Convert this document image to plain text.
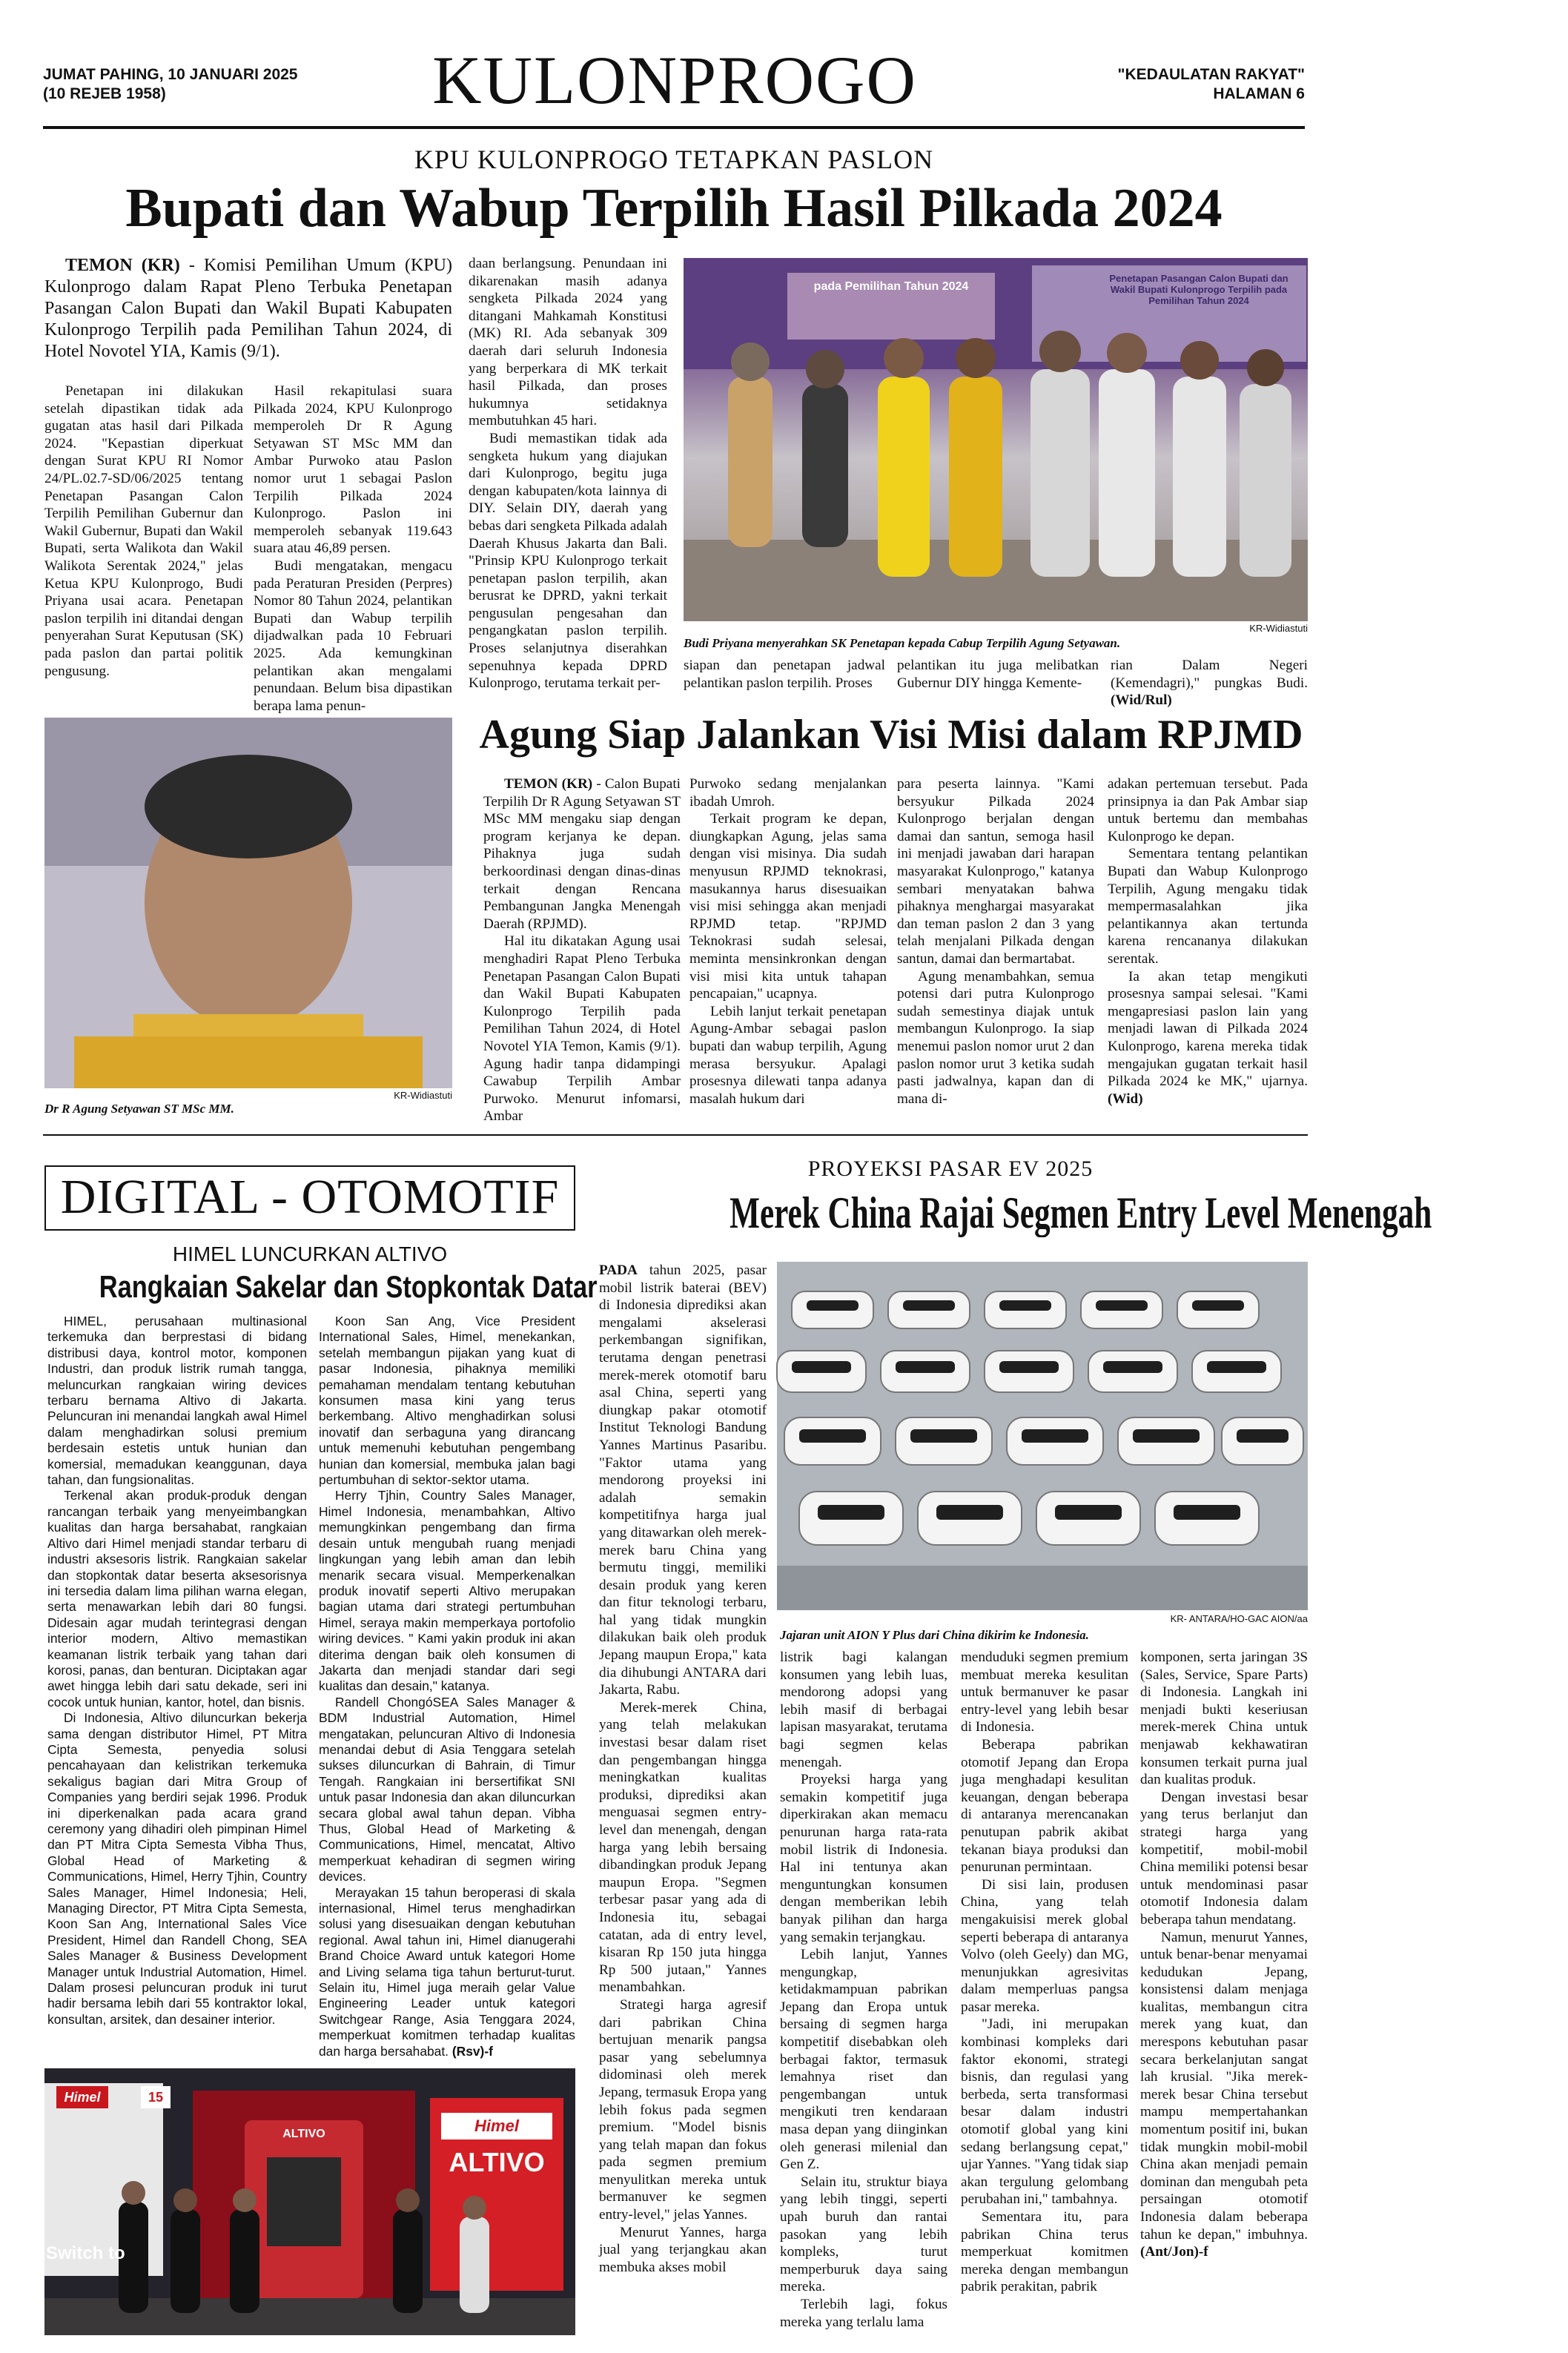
JUMAT PAHING, 10 JANUARI 2025
(10 REJEB 1958)	KULONPROGO	"KEDAULATAN RAKYAT"
HALAMAN 6
KPU KULONPROGO TETAPKAN PASLON
Bupati dan Wabup Terpilih Hasil Pilkada 2024

TEMON (KR) - Komisi Pemilihan Umum (KPU) Kulonprogo dalam Rapat Pleno Terbuka Penetapan Pasangan Calon Bupati dan Wakil Bupati Kabupaten Kulonprogo Terpilih pada Pemilihan Tahun 2024, di Hotel Novotel YIA, Kamis (9/1).

Penetapan ini dilakukan setelah dipastikan tidak ada gugatan atas hasil dari Pilkada 2024. "Kepastian diperkuat dengan Surat KPU RI Nomor 24/PL.02.7-SD/06/2025 tentang Penetapan Pasangan Calon Terpilih Pemilihan Gubernur dan Wakil Gubernur, Bupati dan Wakil Bupati, serta Walikota dan Wakil Walikota Serentak 2024," jelas Ketua KPU Kulonprogo, Budi Priyana usai acara. Penetapan paslon terpilih ini ditandai dengan penyerahan Surat Keputusan (SK) pada paslon dan partai politik pengusung.

Hasil rekapitulasi suara Pilkada 2024, KPU Kulonprogo memperoleh Dr R Agung Setyawan ST MSc MM dan Ambar Purwoko atau Paslon nomor urut 1 sebagai Paslon Terpilih Pilkada 2024 Kulonprogo. Paslon ini memperoleh sebanyak 119.643 suara atau 46,89 persen.

Budi mengatakan, mengacu pada Peraturan Presiden (Perpres) Nomor 80 Tahun 2024, pelantikan Bupati dan Wabup terpilih dijadwalkan pada 10 Februari 2025. Ada kemungkinan pelantikan akan mengalami penundaan. Belum bisa dipastikan berapa lama penun-

daan berlangsung. Penundaan ini dikarenakan masih adanya sengketa Pilkada 2024 yang ditangani Mahkamah Konstitusi (MK) RI. Ada sebanyak 309 daerah dari seluruh Indonesia yang berperkara di MK terkait hasil Pilkada, dan proses hukumnya setidaknya membutuhkan 45 hari.

Budi memastikan tidak ada sengketa hukum yang diajukan dari Kulonprogo, begitu juga dengan kabupaten/kota lainnya di DIY. Selain DIY, daerah yang bebas dari sengketa Pilkada adalah Daerah Khusus Jakarta dan Bali. "Prinsip KPU Kulonprogo terkait penetapan paslon terpilih, akan berusrat ke DPRD, yakni terkait pengusulan pengesahan dan pengangkatan paslon terpilih. Proses selanjutnya diserahkan sepenuhnya kepada DPRD Kulonprogo, terutama terkait per-

pada Pemilihan Tahun 2024
Penetapan Pasangan Calon Bupati dan Wakil Bupati Kulonprogo Terpilih pada Pemilihan Tahun 2024
KR-Widiastuti
Budi Priyana menyerahkan SK Penetapan kepada Cabup Terpilih Agung Setyawan.

siapan dan penetapan jadwal pelantikan paslon terpilih. Proses

pelantikan itu juga melibatkan Gubernur DIY hingga Kemente-

rian Dalam Negeri (Kemendagri)," pungkas Budi. (Wid/Rul)

KR-Widiastuti
Dr R Agung Setyawan ST MSc MM.
Agung Siap Jalankan Visi Misi dalam RPJMD

TEMON (KR) - Calon Bupati Terpilih Dr R Agung Setyawan ST MSc MM mengaku siap dengan program kerjanya ke depan. Pihaknya juga sudah berkoordinasi dengan dinas-dinas terkait dengan Rencana Pembangunan Jangka Menengah Daerah (RPJMD).

Hal itu dikatakan Agung usai menghadiri Rapat Pleno Terbuka Penetapan Pasangan Calon Bupati dan Wakil Bupati Kabupaten Kulonprogo Terpilih pada Pemilihan Tahun 2024, di Hotel Novotel YIA Temon, Kamis (9/1). Agung hadir tanpa didampingi Cawabup Terpilih Ambar Purwoko. Menurut infomarsi, Ambar

Purwoko sedang menjalankan ibadah Umroh.

Terkait program ke depan, diungkapkan Agung, jelas sama dengan visi misinya. Dia sudah menyusun RPJMD teknokrasi, masukannya harus disesuaikan visi misi sehingga akan menjadi RPJMD tetap. "RPJMD Teknokrasi sudah selesai, meminta mensinkronkan dengan visi misi kita untuk tahapan pencapaian," ucapnya.

Lebih lanjut terkait penetapan Agung-Ambar sebagai paslon bupati dan wabup terpilih, Agung merasa bersyukur. Apalagi prosesnya dilewati tanpa adanya masalah hukum dari

para peserta lainnya. "Kami bersyukur Pilkada 2024 Kulonprogo berjalan dengan damai dan santun, semoga hasil ini menjadi jawaban dari harapan masyarakat Kulonprogo," katanya sembari menyatakan bahwa pihaknya menghargai masyarakat dan teman paslon 2 dan 3 yang telah menjalani Pilkada dengan santun, damai dan bermartabat.

Agung menambahkan, semua potensi dari putra Kulonprogo sudah semestinya diajak untuk membangun Kulonprogo. Ia siap menemui paslon nomor urut 2 dan paslon nomor urut 3 ketika sudah pasti jadwalnya, kapan dan di mana di-

adakan pertemuan tersebut. Pada prinsipnya ia dan Pak Ambar siap untuk bertemu dan membahas Kulonprogo ke depan.

Sementara tentang pelantikan Bupati dan Wabup Kulonprogo Terpilih, Agung mengaku tidak mempermasalahkan jika pelantikannya akan tertunda karena rencananya dilakukan serentak.

Ia akan tetap mengikuti prosesnya sampai selesai. "Kami mengapresiasi paslon lain yang menjadi lawan di Pilkada 2024 Kulonprogo, karena mereka tidak mengajukan gugatan terkait hasil Pilkada 2024 ke MK," ujarnya. (Wid)

DIGITAL - OTOMOTIF
HIMEL LUNCURKAN ALTIVO
Rangkaian Sakelar dan Stopkontak Datar

HIMEL, perusahaan multinasional terkemuka dan berprestasi di bidang distribusi daya, kontrol motor, komponen Industri, dan produk listrik rumah tangga, meluncurkan rangkaian wiring devices terbaru bernama Altivo di Jakarta. Peluncuran ini menandai langkah awal Himel dalam menghadirkan solusi premium berdesain estetis untuk hunian dan komersial, memadukan keanggunan, daya tahan, dan fungsionalitas.

Terkenal akan produk-produk dengan rancangan terbaik yang menyeimbangkan kualitas dan harga bersahabat, rangkaian Altivo dari Himel menjadi standar terbaru di industri aksesoris listrik. Rangkaian sakelar dan stopkontak datar beserta aksesorisnya ini tersedia dalam lima pilihan warna elegan, serta menawarkan lebih dari 80 fungsi. Didesain agar mudah terintegrasi dengan interior modern, Altivo memastikan keamanan listrik terbaik yang tahan dari korosi, panas, dan benturan. Diciptakan agar awet hingga lebih dari satu dekade, seri ini cocok untuk hunian, kantor, hotel, dan bisnis.

Di Indonesia, Altivo diluncurkan bekerja sama dengan distributor Himel, PT Mitra Cipta Semesta, penyedia solusi pencahayaan dan kelistrikan terkemuka sekaligus bagian dari Mitra Group of Companies yang berdiri sejak 1996. Produk ini diperkenalkan pada acara grand ceremony yang dihadiri oleh pimpinan Himel dan PT Mitra Cipta Semesta Vibha Thus, Global Head of Marketing & Communications, Himel, Herry Tjhin, Country Sales Manager, Himel Indonesia; Heli, Managing Director, PT Mitra Cipta Semesta, Koon San Ang, International Sales Vice President, Himel dan Randell Chong, SEA Sales Manager & Business Development Manager untuk Industrial Automation, Himel. Dalam prosesi peluncuran produk ini turut hadir bersama lebih dari 55 kontraktor lokal, konsultan, arsitek, dan desainer interior.

Koon San Ang, Vice President International Sales, Himel, menekankan, setelah membangun pijakan yang kuat di pasar Indonesia, pihaknya memiliki pemahaman mendalam tentang kebutuhan konsumen masa kini yang terus berkembang. Altivo menghadirkan solusi inovatif dan serbaguna yang dirancang untuk memenuhi kebutuhan pengembang hunian dan komersial, membuka jalan bagi pertumbuhan di sektor-sektor utama.

Herry Tjhin, Country Sales Manager, Himel Indonesia, menambahkan, Altivo memungkinkan pengembang dan firma desain untuk mengubah ruang menjadi lingkungan yang lebih aman dan lebih menarik secara visual. Memperkenalkan produk inovatif seperti Altivo merupakan bagian utama dari strategi pertumbuhan Himel, seraya makin memperkaya portofolio wiring devices. " Kami yakin produk ini akan diterima dengan baik oleh konsumen di Jakarta dan menjadi standar dari segi kualitas dan desain," katanya.

Randell ChongóSEA Sales Manager & BDM Industrial Automation, Himel mengatakan, peluncuran Altivo di Indonesia menandai debut di Asia Tenggara setelah sukses diluncurkan di Bahrain, di Timur Tengah. Rangkaian ini bersertifikat SNI untuk pasar Indonesia dan akan diluncurkan secara global awal tahun depan. Vibha Thus, Global Head of Marketing & Communications, Himel, mencatat, Altivo memperkuat kehadiran di segmen wiring devices.

Merayakan 15 tahun beroperasi di skala internasional, Himel terus menghadirkan solusi yang disesuaikan dengan kebutuhan regional. Awal tahun ini, Himel dianugerahi Brand Choice Award untuk kategori Home and Living selama tiga tahun berturut-turut. Selain itu, Himel juga meraih gelar Value Engineering Leader untuk kategori Switchgear Range, Asia Tenggara 2024, memperkuat komitmen terhadap kualitas dan harga bersahabat. (Rsv)-f

Himel	15
ALTIVO	Himel
ALTIVO
Switch to
PROYEKSI PASAR EV 2025
Merek China Rajai Segmen Entry Level Menengah

PADA tahun 2025, pasar mobil listrik baterai (BEV) di Indonesia diprediksi akan mengalami akselerasi perkembangan signifikan, terutama dengan penetrasi merek-merek otomotif baru asal China, seperti yang diungkap pakar otomotif Institut Teknologi Bandung Yannes Martinus Pasaribu. "Faktor utama yang mendorong proyeksi ini adalah semakin kompetitifnya harga jual yang ditawarkan oleh merek-merek baru China yang bermutu tinggi, memiliki desain produk yang keren dan fitur teknologi terbaru, hal yang tidak mungkin dilakukan baik oleh produk Jepang maupun Eropa," kata dia dihubungi ANTARA dari Jakarta, Rabu.

Merek-merek China, yang telah melakukan investasi besar dalam riset dan pengembangan hingga meningkatkan kualitas produksi, diprediksi akan menguasai segmen entry-level dan menengah, dengan harga yang lebih bersaing dibandingkan produk Jepang maupun Eropa. "Segmen terbesar pasar yang ada di Indonesia itu, sebagai catatan, ada di entry level, kisaran Rp 150 juta hingga Rp 500 jutaan," Yannes menambahkan.

Strategi harga agresif dari pabrikan China bertujuan menarik pangsa pasar yang sebelumnya didominasi oleh merek Jepang, termasuk Eropa yang lebih fokus pada segmen premium. "Model bisnis yang telah mapan dan fokus pada segmen premium menyulitkan mereka untuk bermanuver ke segmen entry-level," jelas Yannes.

Menurut Yannes, harga jual yang terjangkau akan membuka akses mobil

KR- ANTARA/HO-GAC AION/aa
Jajaran unit AION Y Plus dari China dikirim ke Indonesia.

listrik bagi kalangan konsumen yang lebih luas, mendorong adopsi yang lebih masif di berbagai lapisan masyarakat, terutama bagi segmen kelas menengah.

Proyeksi harga yang semakin kompetitif juga diperkirakan akan memacu penurunan harga rata-rata mobil listrik di Indonesia. Hal ini tentunya akan menguntungkan konsumen dengan memberikan lebih banyak pilihan dan harga yang semakin terjangkau.

Lebih lanjut, Yannes mengungkap, ketidakmampuan pabrikan Jepang dan Eropa untuk bersaing di segmen harga kompetitif disebabkan oleh berbagai faktor, termasuk lemahnya riset dan pengembangan untuk mengikuti tren kendaraan masa depan yang diinginkan oleh generasi milenial dan Gen Z.

Selain itu, struktur biaya yang lebih tinggi, seperti upah buruh dan rantai pasokan yang lebih kompleks, turut memperburuk daya saing mereka.

Terlebih lagi, fokus mereka yang terlalu lama

menduduki segmen premium membuat mereka kesulitan untuk bermanuver ke pasar entry-level yang lebih besar di Indonesia.

Beberapa pabrikan otomotif Jepang dan Eropa juga menghadapi kesulitan keuangan, dengan beberapa di antaranya merencanakan penutupan pabrik akibat tekanan biaya produksi dan penurunan permintaan.

Di sisi lain, produsen China, yang telah mengakuisisi merek global seperti beberapa di antaranya Volvo (oleh Geely) dan MG, menunjukkan agresivitas dalam memperluas pangsa pasar mereka.

"Jadi, ini merupakan kombinasi kompleks dari faktor ekonomi, strategi bisnis, dan regulasi yang berbeda, serta transformasi besar dalam industri otomotif global yang kini sedang berlangsung cepat," ujar Yannes. "Yang tidak siap akan tergulung gelombang perubahan ini," tambahnya.

Sementara itu, para pabrikan China terus memperkuat komitmen mereka dengan membangun pabrik perakitan, pabrik

komponen, serta jaringan 3S (Sales, Service, Spare Parts) di Indonesia. Langkah ini menjadi bukti keseriusan merek-merek China untuk menjawab kekhawatiran konsumen terkait purna jual dan kualitas produk.

Dengan investasi besar yang terus berlanjut dan strategi harga yang kompetitif, mobil-mobil China memiliki potensi besar untuk mendominasi pasar otomotif Indonesia dalam beberapa tahun mendatang.

Namun, menurut Yannes, untuk benar-benar menyamai kedudukan Jepang, konsistensi dalam menjaga kualitas, membangun citra merek yang kuat, dan merespons kebutuhan pasar secara berkelanjutan sangat lah krusial. "Jika merek-merek besar China tersebut mampu mempertahankan momentum positif ini, bukan tidak mungkin mobil-mobil China akan menjadi pemain dominan dan mengubah peta persaingan otomotif Indonesia dalam beberapa tahun ke depan," imbuhnya. (Ant/Jon)-f
